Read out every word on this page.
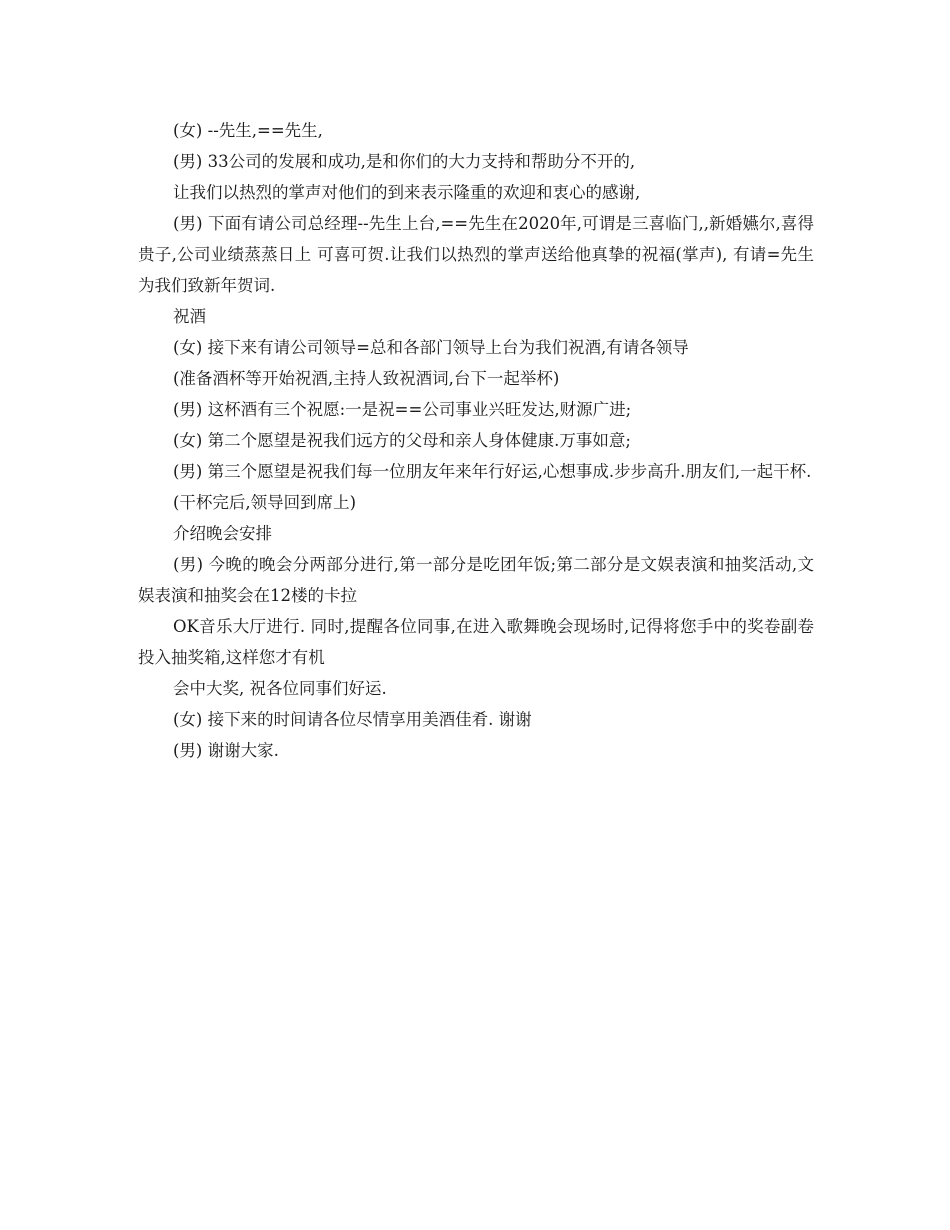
(女) --先生,==先生,

(男) 33公司的发展和成功,是和你们的大力支持和帮助分不开的,

让我们以热烈的掌声对他们的到来表示隆重的欢迎和衷心的感谢,

(男) 下面有请公司总经理--先生上台,==先生在2020年,可谓是三喜临门,,新婚嬿尔,喜得贵子,公司业绩蒸蒸日上 可喜可贺.让我们以热烈的掌声送给他真挚的祝福(掌声), 有请=先生为我们致新年贺词.

祝酒

(女) 接下来有请公司领导=总和各部门领导上台为我们祝酒,有请各领导

(准备酒杯等开始祝酒,主持人致祝酒词,台下一起举杯)

(男) 这杯酒有三个祝愿:一是祝==公司事业兴旺发达,财源广进;

(女) 第二个愿望是祝我们远方的父母和亲人身体健康.万事如意;

(男) 第三个愿望是祝我们每一位朋友年来年行好运,心想事成.步步高升.朋友们,一起干杯.

(干杯完后,领导回到席上)

介绍晚会安排

(男) 今晚的晚会分两部分进行,第一部分是吃团年饭;第二部分是文娱表演和抽奖活动,文娱表演和抽奖会在12楼的卡拉

OK音乐大厅进行. 同时,提醒各位同事,在进入歌舞晚会现场时,记得将您手中的奖卷副卷投入抽奖箱,这样您才有机

会中大奖, 祝各位同事们好运.

(女) 接下来的时间请各位尽情享用美酒佳肴. 谢谢

(男) 谢谢大家.
